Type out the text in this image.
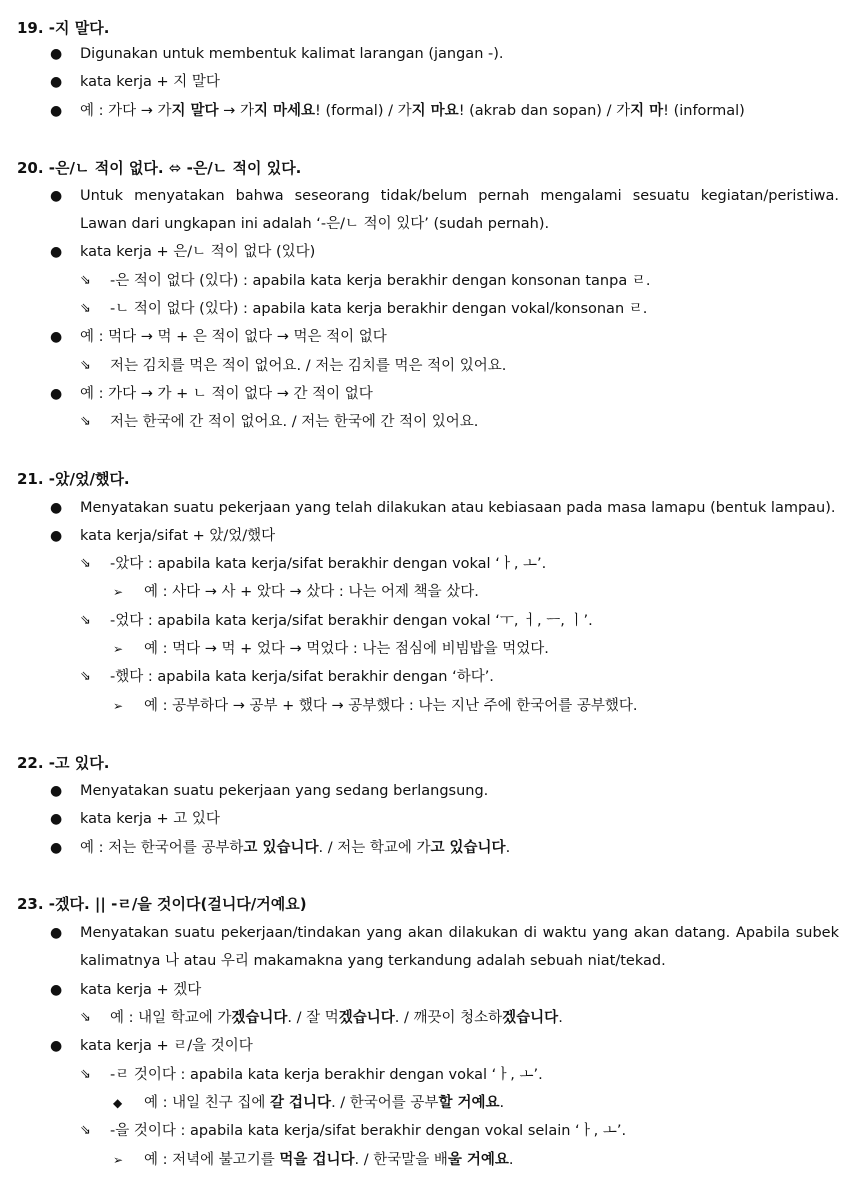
19. -지 말다.
● Digunakan untuk membentuk kalimat larangan (jangan -).
● kata kerja + 지 말다
● 예 : 가다 → 가지 말다 → 가지 마세요! (formal) / 가지 마요! (akrab dan sopan) / 가지 마! (informal)
20. -은/ㄴ 적이 없다. ⬄ -은/ㄴ 적이 있다.
● Untuk menyatakan bahwa seseorang tidak/belum pernah mengalami sesuatu kegiatan/peristiwa.
Lawan dari ungkapan ini adalah ‘-은/ㄴ 적이 있다’ (sudah pernah).
● kata kerja + 은/ㄴ 적이 없다 (있다)
⇘ -은 적이 없다 (있다) : apabila kata kerja berakhir dengan konsonan tanpa ㄹ.
⇘ -ㄴ 적이 없다 (있다) : apabila kata kerja berakhir dengan vokal/konsonan ㄹ.
● 예 : 먹다 → 먹 + 은 적이 없다 → 먹은 적이 없다
⇘ 저는 김치를 먹은 적이 없어요. / 저는 김치를 먹은 적이 있어요.
● 예 : 가다 → 가 + ㄴ 적이 없다 → 간 적이 없다
⇘ 저는 한국에 간 적이 없어요. / 저는 한국에 간 적이 있어요.
21. -았/었/했다.
● Menyatakan suatu pekerjaan yang telah dilakukan atau kebiasaan pada masa lamapu (bentuk lampau).
● kata kerja/sifat + 았/었/했다
⇘ -았다 : apabila kata kerja/sifat berakhir dengan vokal ‘ㅏ, ㅗ’.
➢ 예 : 사다 → 사 + 았다 → 샀다 : 나는 어제 책을 샀다.
⇘ -었다 : apabila kata kerja/sifat berakhir dengan vokal ‘ㅜ, ㅓ, ㅡ, ㅣ’.
➢ 예 : 먹다 → 먹 + 었다 → 먹었다 : 나는 점심에 비빔밥을 먹었다.
⇘ -했다 : apabila kata kerja/sifat berakhir dengan ‘하다’.
➢ 예 : 공부하다 → 공부 + 했다 → 공부했다 : 나는 지난 주에 한국어를 공부했다.
22. -고 있다.
● Menyatakan suatu pekerjaan yang sedang berlangsung.
● kata kerja + 고 있다
● 예 : 저는 한국어를 공부하고 있습니다. / 저는 학교에 가고 있습니다.
23. -겠다. || -ㄹ/을 것이다(걸니다/거예요)
● Menyatakan suatu pekerjaan/tindakan yang akan dilakukan di waktu yang akan datang. Apabila subek
kalimatnya 나 atau 우리 makamakna yang terkandung adalah sebuah niat/tekad.
● kata kerja + 겠다
⇘ 예 : 내일 학교에 가겠습니다. / 잘 먹겠습니다. / 깨끗이 청소하겠습니다.
● kata kerja + ㄹ/을 것이다
⇘ -ㄹ 것이다 : apabila kata kerja berakhir dengan vokal ‘ㅏ, ㅗ’.
◆ 예 : 내일 친구 집에 갈 겁니다. / 한국어를 공부할 거예요.
⇘ -을 것이다 : apabila kata kerja/sifat berakhir dengan vokal selain ‘ㅏ, ㅗ’.
➢ 예 : 저녁에 불고기를 먹을 겁니다. / 한국말을 배울 거예요.
